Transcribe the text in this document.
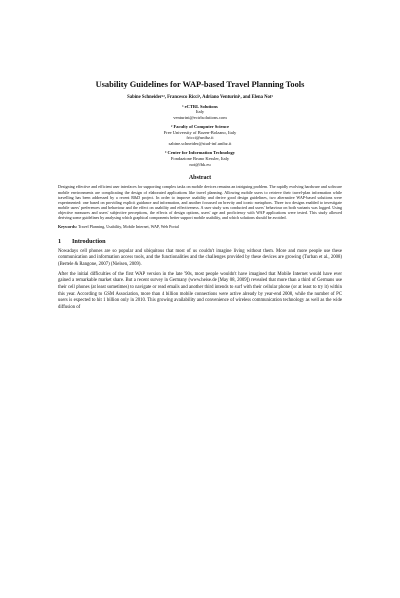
Usability Guidelines for WAP-based Travel Planning Tools
Sabine Schneider¹², Francesco Ricci², Adriano Venturini¹, and Elena Not³
¹ eCTRL Solutions
Italy
venturini@ectrlsolutions.com
² Faculty of Computer Science
Free University of Bozen-Bolzano, Italy
fricci@unibz.it
sabine.schneider@stud-inf.unibz.it
³ Center for Information Technology
Fondazione Bruno Kessler, Italy
not@fbk.eu
Abstract
Designing effective and efficient user interfaces for supporting complex tasks on mobile devices remains an intriguing problem. The rapidly evolving hardware and software mobile environments are complicating the design of elaborated applications like travel planning. Allowing mobile users to retrieve their travel-plan information while travelling has been addressed by a recent R&D project. In order to improve usability and derive good design guidelines, two alternative WAP-based solutions were experimented: one based on providing explicit guidance and information, and another focussed on brevity and iconic metaphors. Three two designs enabled to investigate mobile users' preferences and behaviour and the effect on usability and effectiveness. A user study was conducted and users' behaviour on both variants was logged. Using objective measures and users' subjective perceptions, the effects of design options, users' age and proficiency with WAP applications were tested. This study allowed deriving some guidelines by analysing which graphical components better support mobile usability, and which solutions should be avoided.
Keywords: Travel Planning, Usability, Mobile Internet, WAP, Web Portal
1 Introduction

Nowadays cell phones are so popular and ubiquitous that most of us couldn't imagine living without them. More and more people use these communication and information access tools, and the functionalities and the challenges provided by these devices are growing (Turban et al., 2008) (Bertele & Rangone, 2007) (Nielsen, 2009).

After the initial difficulties of the first WAP version in the late '90s, most people wouldn't have imagined that Mobile Internet would have ever gained a remarkable market share. But a recent survey in Germany (www.heise.de [May 08, 2009]) revealed that more than a third of Germans use their cell phones (at least sometimes) to navigate or read emails and another third intends to surf with their cellular phone (or at least to try it) within this year. According to GSM Association, more than 4 billion mobile connections were active already by year-end 2008, while the number of PC users is expected to hit 1 billion only in 2010. This growing availability and convenience of wireless communication technology as well as the wide diffusion of
